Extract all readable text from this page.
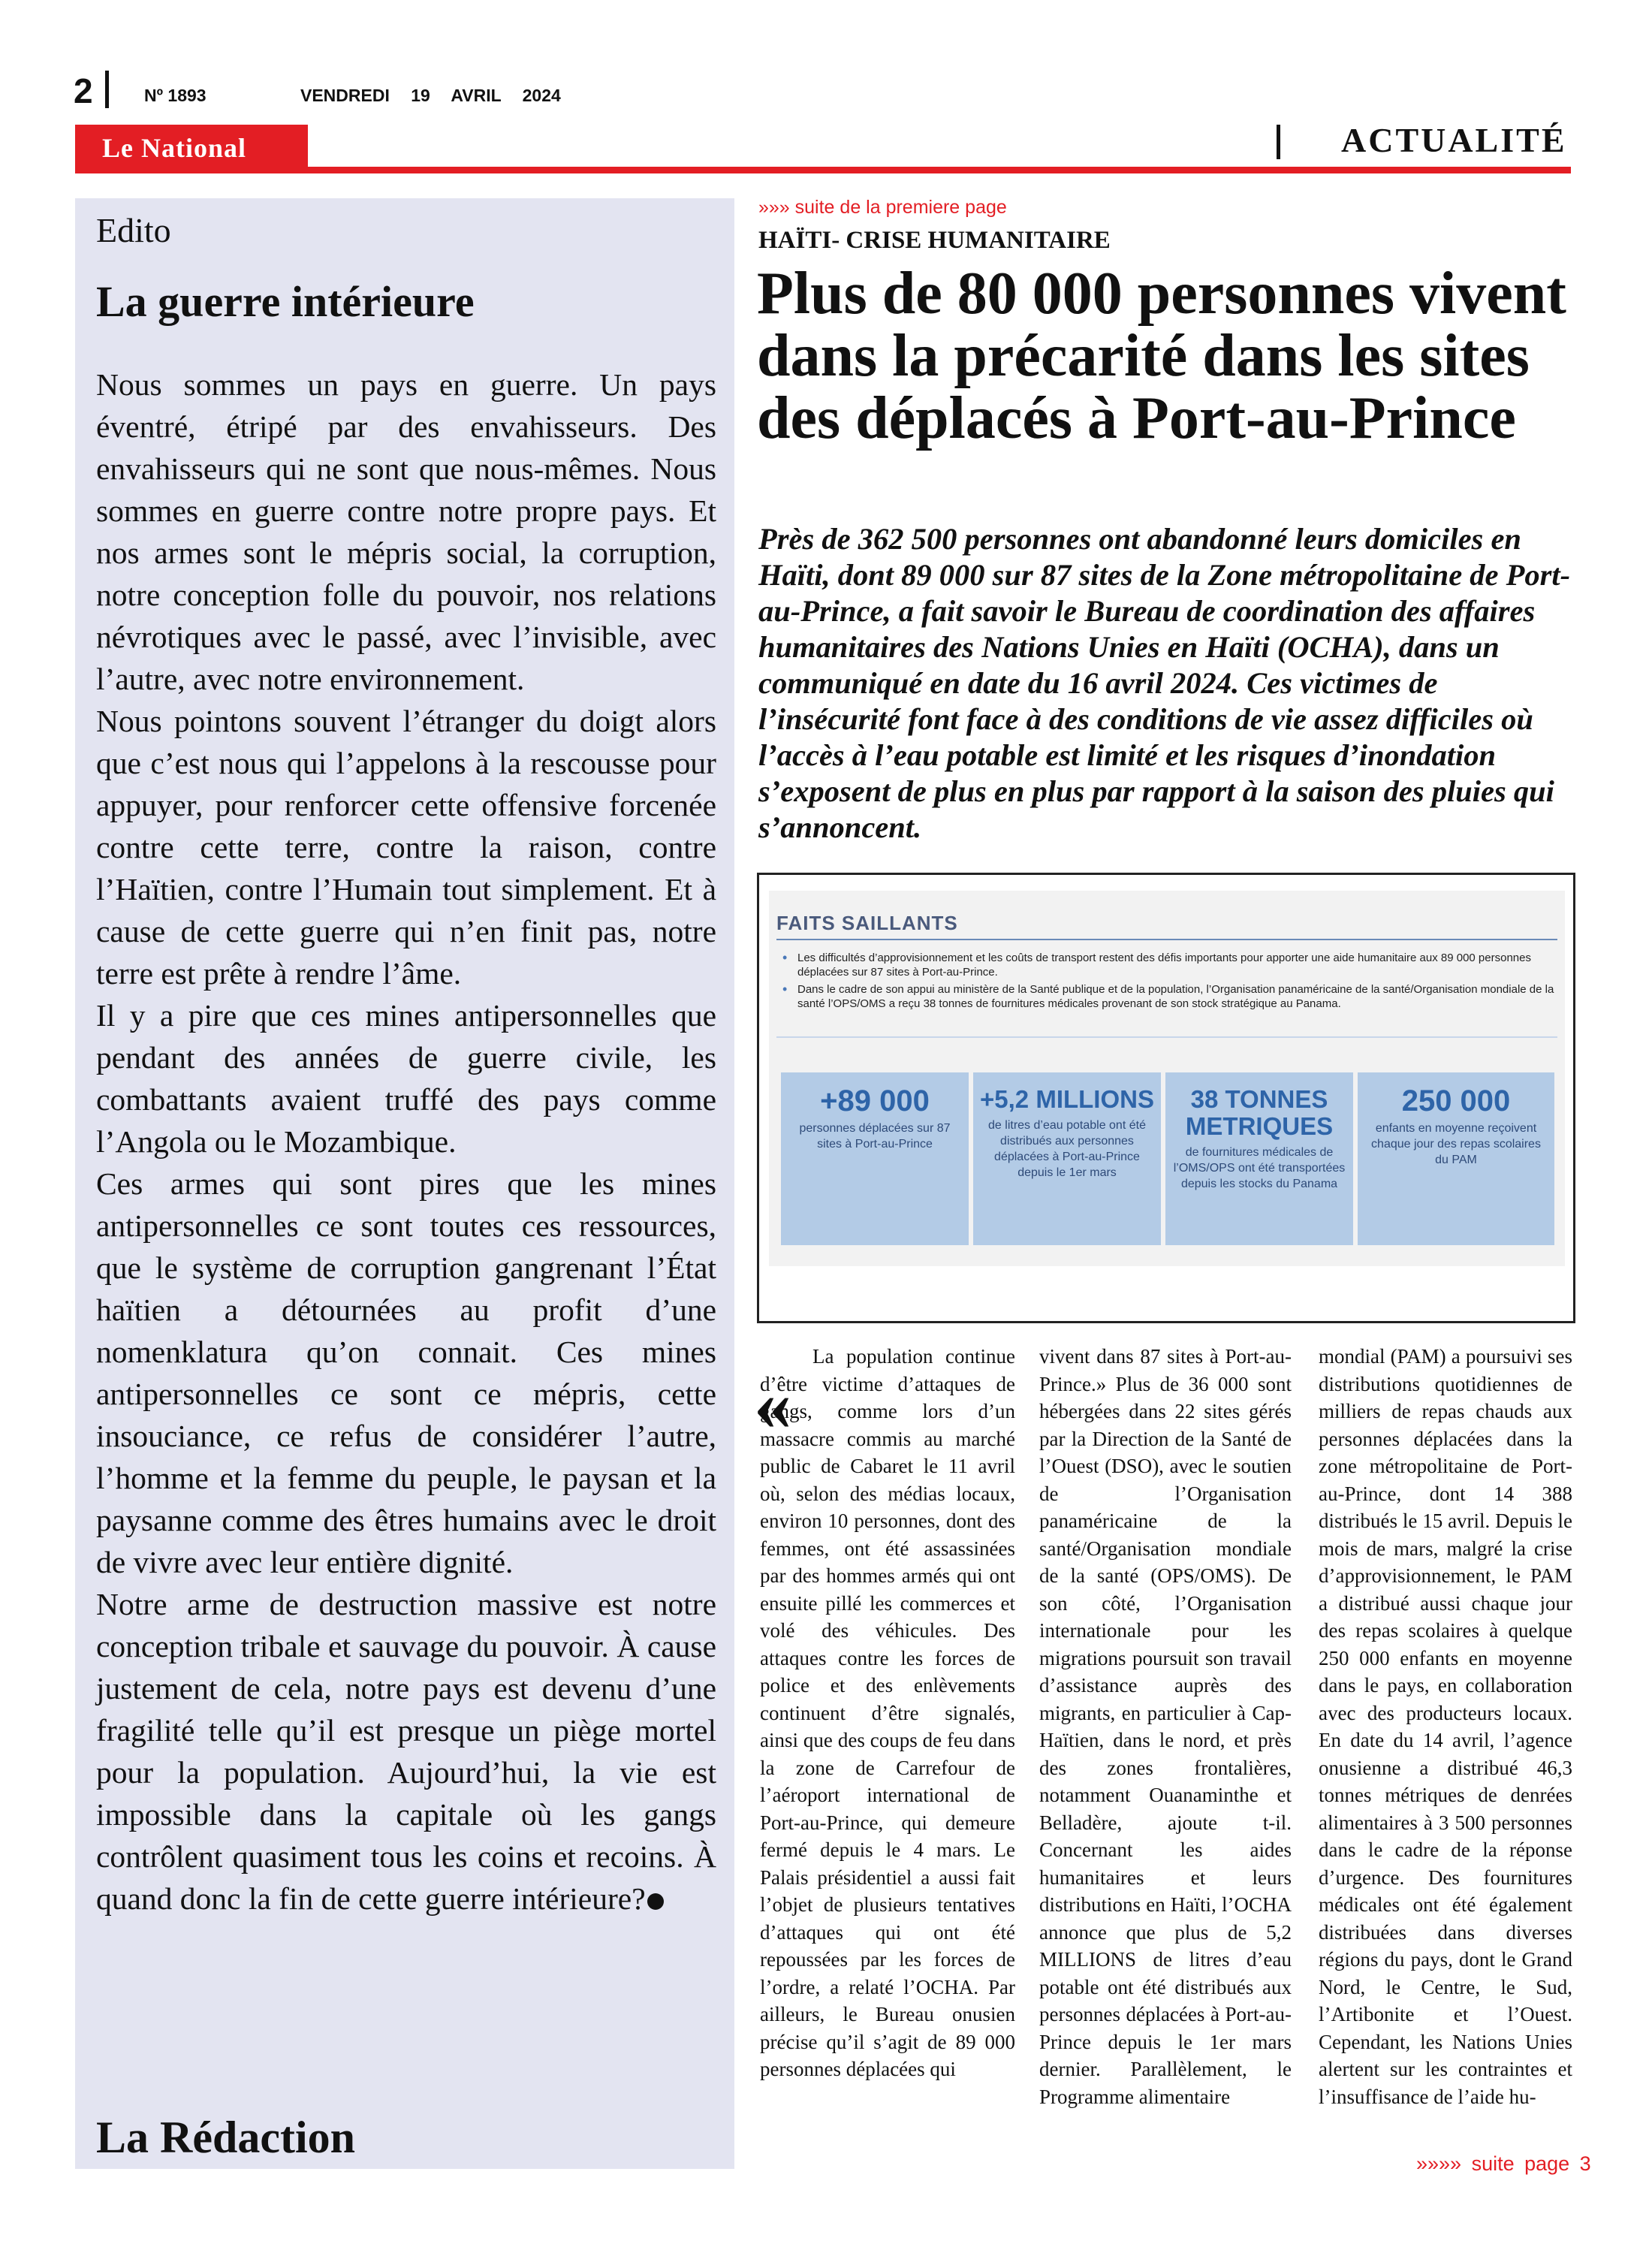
2	Nº 1893	VENDREDI 19 AVRIL 2024
Le National	ACTUALITÉ
Edito
La guerre intérieure

Nous sommes un pays en guerre. Un pays éventré, étripé par des envahisseurs. Des envahisseurs qui ne sont que nous-mêmes. Nous sommes en guerre contre notre propre pays. Et nos armes sont le mépris social, la corruption, notre conception folle du pouvoir, nos relations névrotiques avec le passé, avec l’invisible, avec l’autre, avec notre environnement.

Nous pointons souvent l’étranger du doigt alors que c’est nous qui l’appelons à la rescousse pour appuyer, pour renforcer cette offensive forcenée contre cette terre, contre la raison, contre l’Haïtien, contre l’Humain tout simplement. Et à cause de cette guerre qui n’en finit pas, notre terre est prête à rendre l’âme.

Il y a pire que ces mines antipersonnelles que pendant des années de guerre civile, les combattants avaient truffé des pays comme l’Angola ou le Mozambique.

Ces armes qui sont pires que les mines antipersonnelles ce sont toutes ces ressources, que le système de corruption gangrenant l’État haïtien a détournées au profit d’une nomenklatura qu’on connait. Ces mines antipersonnelles ce sont ce mépris, cette insouciance, ce refus de considérer l’autre, l’homme et la femme du peuple, le paysan et la paysanne comme des êtres humains avec le droit de vivre avec leur entière dignité.

Notre arme de destruction massive est notre conception tribale et sauvage du pouvoir. À cause justement de cela, notre pays est devenu d’une fragilité telle qu’il est presque un piège mortel pour la population. Aujourd’hui, la vie est impossible dans la capitale où les gangs contrôlent quasiment tous les coins et recoins. À quand donc la fin de cette guerre intérieure?

La Rédaction
»»» suite de la premiere page
HAÏTI- CRISE HUMANITAIRE
Plus de 80 000 personnes vivent dans la précarité dans les sites des déplacés à Port-au-Prince

Près de 362 500 personnes ont abandonné leurs domiciles en Haïti, dont 89 000 sur 87 sites de la Zone métropolitaine de Port-au-Prince, a fait savoir le Bureau de coordination des affaires humanitaires des Nations Unies en Haïti (OCHA), dans un communiqué en date du 16 avril 2024. Ces victimes de l’insécurité font face à des conditions de vie assez difficiles où l’accès à l’eau potable est limité et les risques d’inondation s’exposent de plus en plus par rapport à la saison des pluies qui s’annoncent.

FAITS SAILLANTS
• Les difficultés d’approvisionnement et les coûts de transport restent des défis importants pour apporter une aide humanitaire aux 89 000 personnes déplacées sur 87 sites à Port-au-Prince.
• Dans le cadre de son appui au ministère de la Santé publique et de la population, l’Organisation panaméricaine de la santé/Organisation mondiale de la santé l’OPS/OMS a reçu 38 tonnes de fournitures médicales provenant de son stock stratégique au Panama.
+89 000
personnes déplacées sur 87 sites à Port-au-Prince
+5,2 MILLIONS
de litres d’eau potable ont été distribués aux personnes déplacées à Port-au-Prince depuis le 1er mars
38 TONNES METRIQUES
de fournitures médicales de l’OMS/OPS ont été transportées depuis les stocks du Panama
250 000
enfants en moyenne reçoivent chaque jour des repas scolaires du PAM
«

La population continue d’être victime d’attaques de gangs, comme lors d’un massacre commis au marché public de Cabaret le 11 avril où, selon des médias locaux, environ 10 personnes, dont des femmes, ont été assassinées par des hommes armés qui ont ensuite pillé les commerces et volé des véhicules. Des attaques contre les forces de police et des enlèvements continuent d’être signalés, ainsi que des coups de feu dans la zone de Carrefour de l’aéroport international de Port-au-Prince, qui demeure fermé depuis le 4 mars. Le Palais présidentiel a aussi fait l’objet de plusieurs tentatives d’attaques qui ont été repoussées par les forces de l’ordre, a relaté l’OCHA. Par ailleurs, le Bureau onusien précise qu’il s’agit de 89 000 personnes déplacées qui

vivent dans 87 sites à Port-au-Prince.» Plus de 36 000 sont hébergées dans 22 sites gérés par la Direction de la Santé de l’Ouest (DSO), avec le soutien de l’Organisation panaméricaine de la santé/Organisation mondiale de la santé (OPS/OMS). De son côté, l’Organisation internationale pour les migrations poursuit son travail d’assistance auprès des migrants, en particulier à Cap-Haïtien, dans le nord, et près des zones frontalières, notamment Ouanaminthe et Belladère, ajoute t-il. Concernant les aides humanitaires et leurs distributions en Haïti, l’OCHA annonce que plus de 5,2 MILLIONS de litres d’eau potable ont été distribués aux personnes déplacées à Port-au-Prince depuis le 1er mars dernier. Parallèlement, le Programme alimentaire

mondial (PAM) a poursuivi ses distributions quotidiennes de milliers de repas chauds aux personnes déplacées dans la zone métropolitaine de Port-au-Prince, dont 14 388 distribués le 15 avril. Depuis le mois de mars, malgré la crise d’approvisionnement, le PAM a distribué aussi chaque jour des repas scolaires à quelque 250 000 enfants en moyenne dans le pays, en collaboration avec des producteurs locaux. En date du 14 avril, l’agence onusienne a distribué 46,3 tonnes métriques de denrées alimentaires à 3 500 personnes dans le cadre de la réponse d’urgence. Des fournitures médicales ont été également distribuées dans diverses régions du pays, dont le Grand Nord, le Centre, le Sud, l’Artibonite et l’Ouest. Cependant, les Nations Unies alertent sur les contraintes et l’insuffisance de l’aide hu-

»»»» suite page 3
